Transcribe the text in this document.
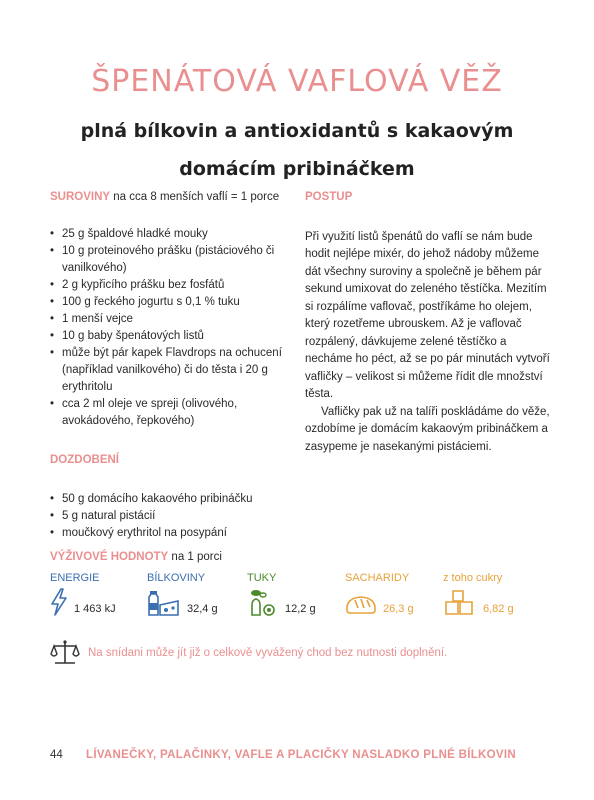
ŠPENÁTOVÁ VAFLOVÁ VĚŽ
plná bílkovin a antioxidantů s kakaovým domácím pribináčkem
SUROVINY na cca 8 menších vaflí = 1 porce
• 25 g špaldové hladké mouky
• 10 g proteinového prášku (pistáciového či vanilkového)
• 2 g kypřicího prášku bez fosfátů
• 100 g řeckého jogurtu s 0,1 % tuku
• 1 menší vejce
• 10 g baby špenátových listů
• může být pár kapek Flavdrops na ochucení (například vanilkového) či do těsta i 20 g erythritolu
• cca 2 ml oleje ve spreji (olivového, avokádového, řepkového)

DOZDOBENÍ

• 50 g domácího kakaového pribináčku
• 5 g natural pistácií
• moučkový erythritol na posypání

POSTUP

Při využití listů špenátů do vaflí se nám bude hodit nejlépe mixér, do jehož nádoby můžeme dát všechny suroviny a společně je během pár sekund umixovat do zeleného těstíčka. Mezitím si rozpálíme vaflovač, postříkáme ho olejem, který rozetřeme ubrouskem. Až je vaflovač rozpálený, dávkujeme zelené těstíčko a necháme ho péct, až se po pár minutách vytvoří vafličky – velikost si můžeme řídit dle množství těsta.

Vafličky pak už na talíři poskládáme do věže, ozdobíme je domácím kakaovým pribináčkem a zasypeme je nasekanými pistáciemi.

VÝŽIVOVÉ HODNOTY na 1 porci
ENERGIE
1 463 kJ
BÍLKOVINY
32,4 g
TUKY
12,2 g
SACHARIDY
26,3 g
z toho cukry
6,82 g
Na snídani může jít již o celkově vyvážený chod bez nutnosti doplnění.
44	LÍVANEČKY, PALAČINKY, VAFLE A PLACIČKY NASLADKO PLNÉ BÍLKOVIN
